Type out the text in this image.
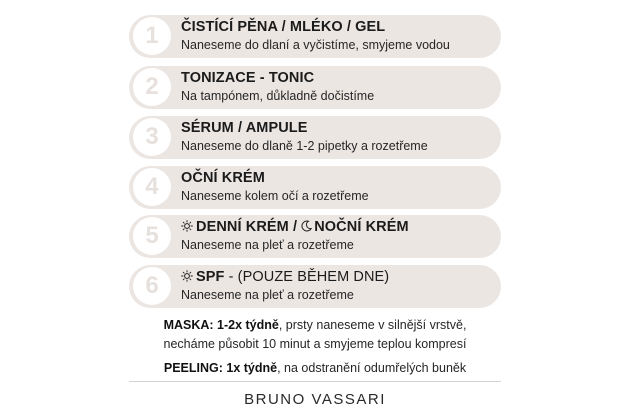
1 ČISTÍCÍ PĚNA / MLÉKO / GEL
Naneseme do dlaní a vyčistíme, smyjeme vodou
2 TONIZACE - TONIC
Na tampónem, důkladně dočistíme
3 SÉRUM / AMPULE
Naneseme do dlaně 1-2 pipetky a rozetřeme
4 OČNÍ KRÉM
Naneseme kolem očí a rozetřeme
5	DENNÍ KRÉM / NOČNÍ KRÉM
Naneseme na pleť a rozetřeme
6	SPF - (POUZE BĚHEM DNE)
Naneseme na pleť a rozetřeme
MASKA: 1-2x týdně, prsty naneseme v silnější vrstvě,
necháme působit 10 minut a smyjeme teplou kompresí
PEELING: 1x týdně, na odstranění odumřelých buněk
BRUNO VASSARI
